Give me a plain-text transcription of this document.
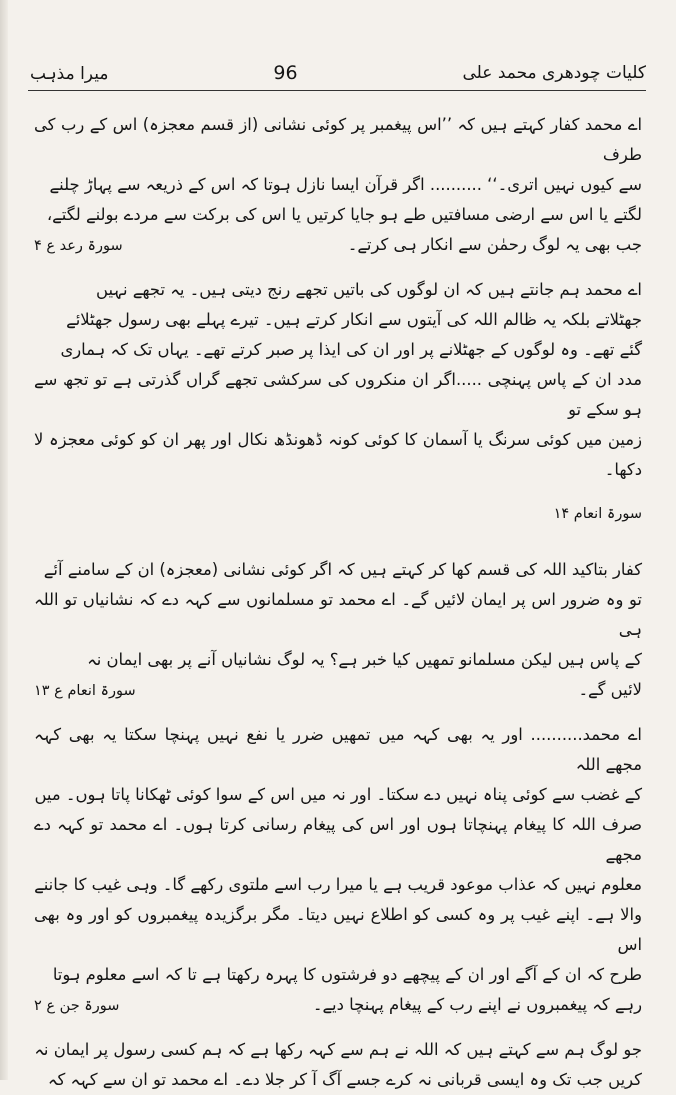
کلیات چودھری محمد علی
96
میرا مذہب

اے محمد کفار کہتے ہیں کہ ’’اس پیغمبر پر کوئی نشانی (از قسم معجزہ) اس کے رب کی طرف

سے کیوں نہیں اتری۔‘‘ .......... اگر قرآن ایسا نازل ہوتا کہ اس کے ذریعہ سے پہاڑ چلنے

لگتے یا اس سے ارضی مسافتیں طے ہو جایا کرتیں یا اس کی برکت سے مردے بولنے لگتے،

جب بھی یہ لوگ رحمٰن سے انکار ہی کرتے۔
سورۃ رعد ع ۴

اے محمد ہم جانتے ہیں کہ ان لوگوں کی باتیں تجھے رنج دیتی ہیں۔ یہ تجھے نہیں

جھٹلاتے بلکہ یہ ظالم اللہ کی آیتوں سے انکار کرتے ہیں۔ تیرے پہلے بھی رسول جھٹلائے

گئے تھے۔ وہ لوگوں کے جھٹلانے پر اور ان کی ایذا پر صبر کرتے تھے۔ یہاں تک کہ ہماری

مدد ان کے پاس پہنچی .....اگر ان منکروں کی سرکشی تجھے گراں گذرتی ہے تو تجھ سے ہو سکے تو

زمین میں کوئی سرنگ یا آسمان کا کوئی کونہ ڈھونڈھ نکال اور پھر ان کو کوئی معجزہ لا دکھا۔

سورۃ انعام ۱۴

کفار بتاکید اللہ کی قسم کھا کر کہتے ہیں کہ اگر کوئی نشانی (معجزہ) ان کے سامنے آئے

تو وہ ضرور اس پر ایمان لائیں گے۔ اے محمد تو مسلمانوں سے کہہ دے کہ نشانیاں تو اللہ ہی

کے پاس ہیں لیکن مسلمانو تمھیں کیا خبر ہے؟ یہ لوگ نشانیاں آنے پر بھی ایمان نہ

لائیں گے۔
سورۃ انعام ع ۱۳

اے محمد.......... اور یہ بھی کہہ میں تمھیں ضرر یا نفع نہیں پہنچا سکتا یہ بھی کہہ مجھے اللہ

کے غضب سے کوئی پناہ نہیں دے سکتا۔ اور نہ میں اس کے سوا کوئی ٹھکانا پاتا ہوں۔ میں

صرف اللہ کا پیغام پہنچاتا ہوں اور اس کی پیغام رسانی کرتا ہوں۔ اے محمد تو کہہ دے مجھے

معلوم نہیں کہ عذاب موعود قریب ہے یا میرا رب اسے ملتوی رکھے گا۔ وہی غیب کا جاننے

والا ہے۔ اپنے غیب پر وہ کسی کو اطلاع نہیں دیتا۔ مگر برگزیدہ پیغمبروں کو اور وہ بھی اس

طرح کہ ان کے آگے اور ان کے پیچھے دو فرشتوں کا پہرہ رکھتا ہے تا کہ اسے معلوم ہوتا

رہے کہ پیغمبروں نے اپنے رب کے پیغام پہنچا دیے۔
سورۃ جن ع ۲

جو لوگ ہم سے کہتے ہیں کہ اللہ نے ہم سے کہہ رکھا ہے کہ ہم کسی رسول پر ایمان نہ

کریں جب تک وہ ایسی قربانی نہ کرے جسے آگ آ کر جلا دے۔ اے محمد تو ان سے کہہ کہ
